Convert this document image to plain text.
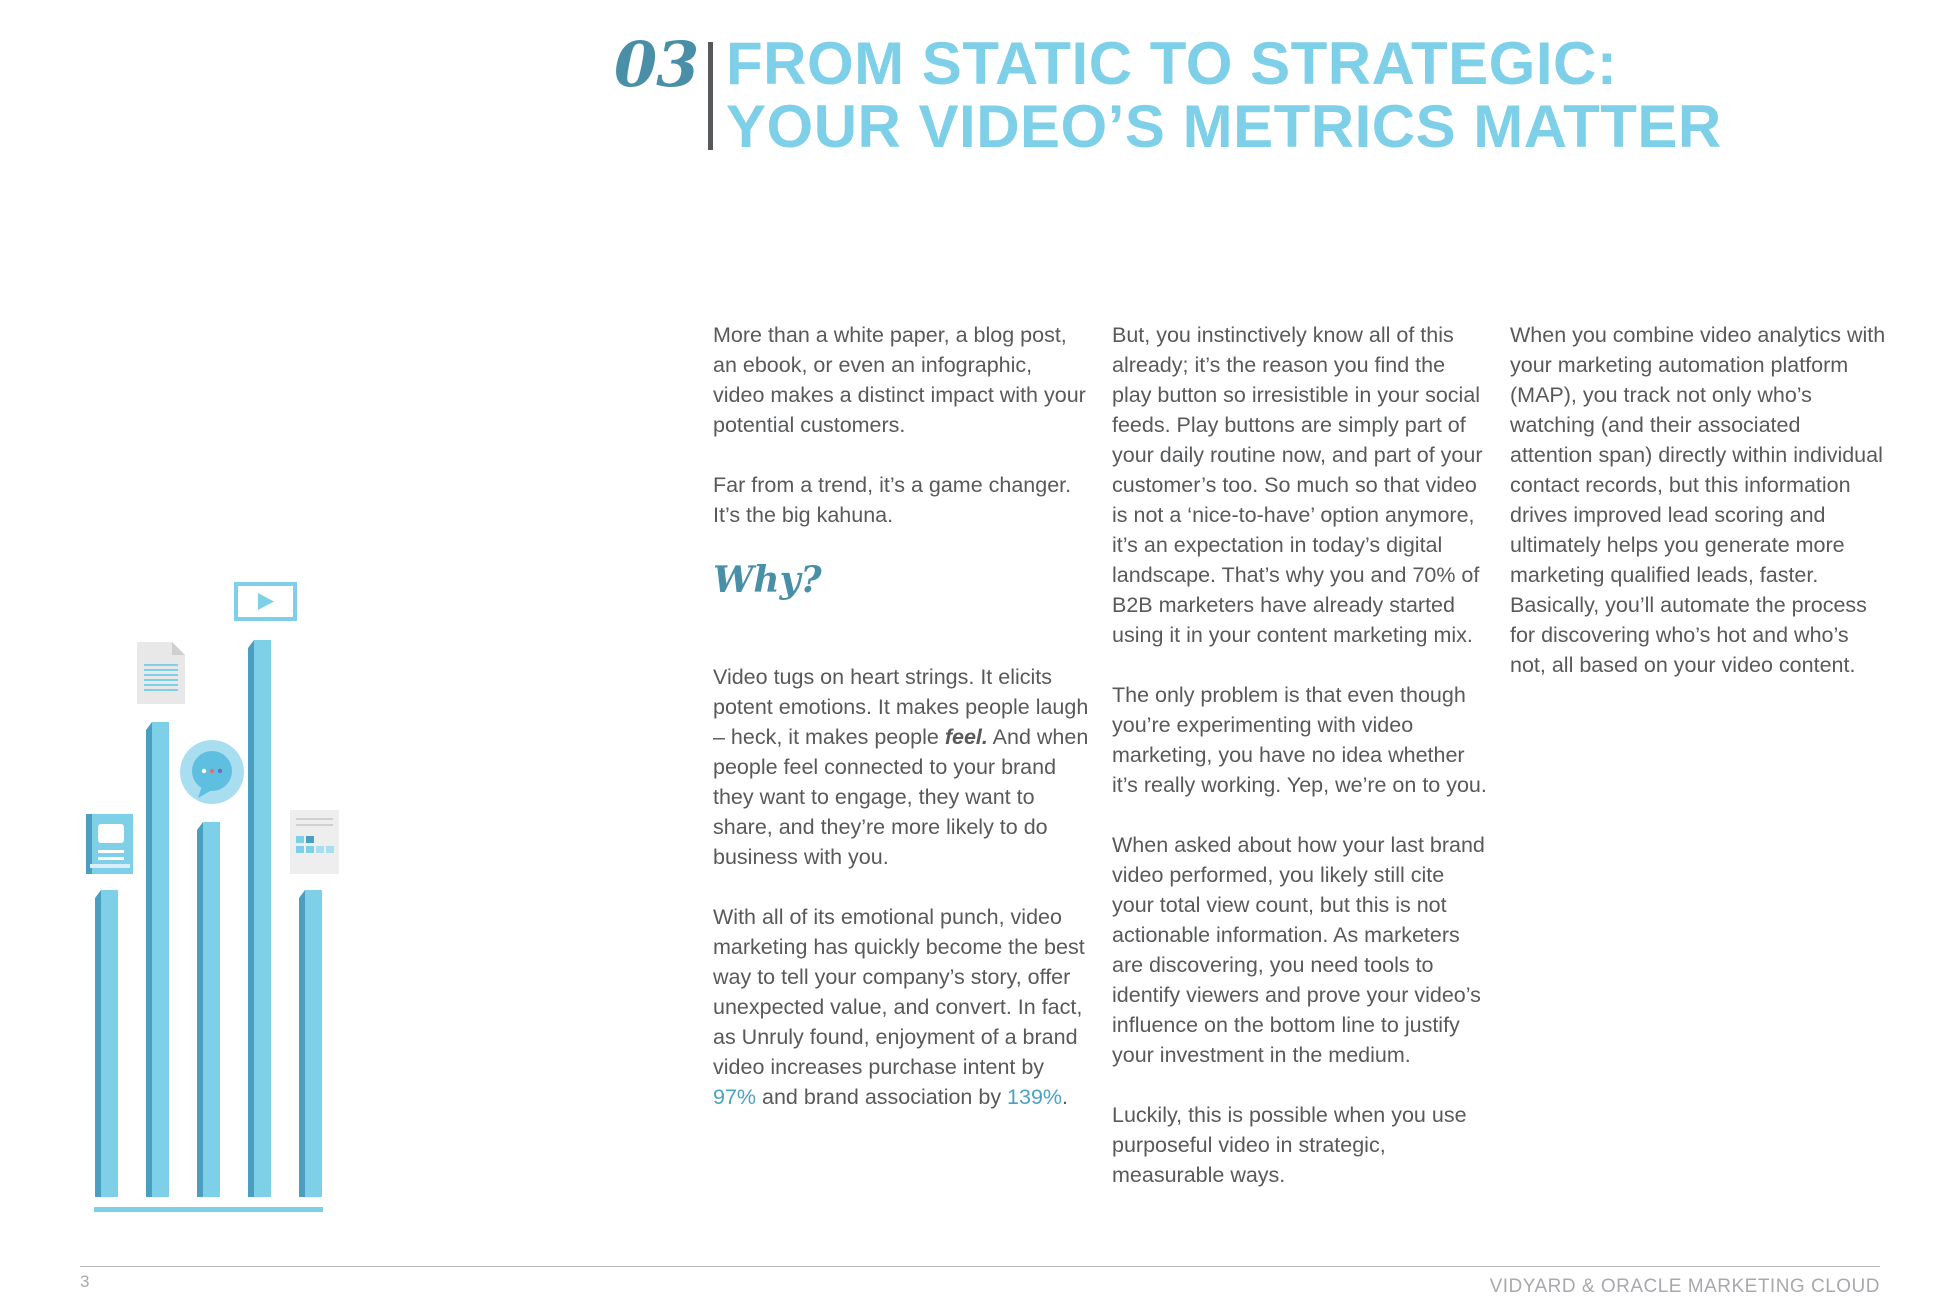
03 FROM STATIC TO STRATEGIC:
YOUR VIDEO’S METRICS MATTER

More than a white paper, a blog post, an ebook, or even an infographic, video makes a distinct impact with your potential customers.

Far from a trend, it’s a game changer. It’s the big kahuna.

Why?

Video tugs on heart strings. It elicits potent emotions. It makes people laugh – heck, it makes people feel. And when people feel connected to your brand they want to engage, they want to share, and they’re more likely to do business with you.

With all of its emotional punch, video marketing has quickly become the best way to tell your company’s story, offer unexpected value, and convert. In fact, as Unruly found, enjoyment of a brand video increases purchase intent by 97% and brand association by 139%.

But, you instinctively know all of this already; it’s the reason you find the play button so irresistible in your social feeds. Play buttons are simply part of your daily routine now, and part of your customer’s too. So much so that video is not a ‘nice-to-have’ option anymore, it’s an expectation in today’s digital landscape. That’s why you and 70% of B2B marketers have already started using it in your content marketing mix.

The only problem is that even though you’re experimenting with video marketing, you have no idea whether it’s really working. Yep, we’re on to you.

When asked about how your last brand video performed, you likely still cite your total view count, but this is not actionable information. As marketers are discovering, you need tools to identify viewers and prove your video’s influence on the bottom line to justify your investment in the medium.

Luckily, this is possible when you use purposeful video in strategic, measurable ways.

When you combine video analytics with your marketing automation platform (MAP), you track not only who’s watching (and their associated attention span) directly within individual contact records, but this information drives improved lead scoring and ultimately helps you generate more marketing qualified leads, faster. Basically, you’ll automate the process for discovering who’s hot and who’s not, all based on your video content.

3	VIDYARD & ORACLE MARKETING CLOUD
